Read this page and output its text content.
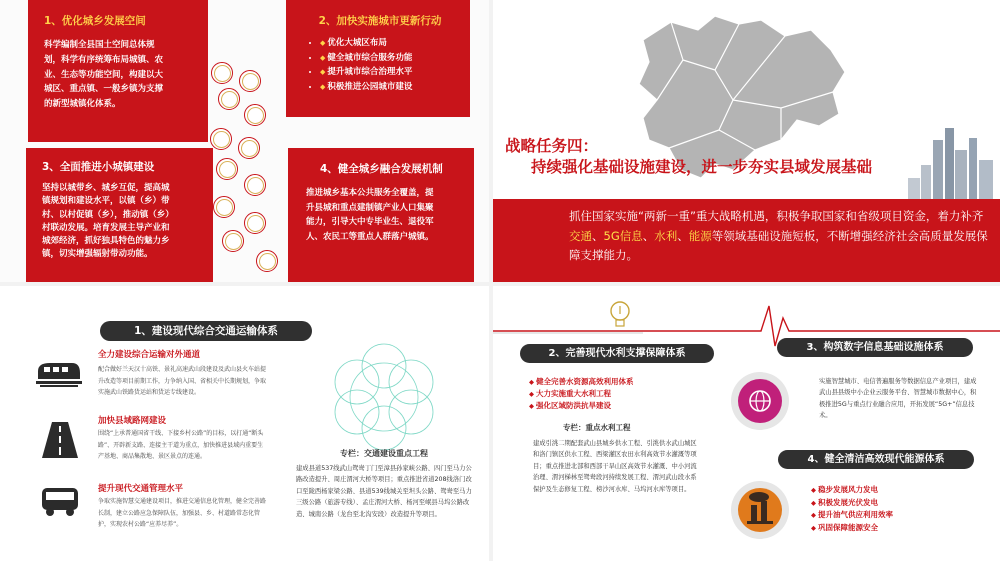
1、优化城乡发展空间
科学编制全县国土空间总体规划，科学有序统筹布局城镇、农业、生态等功能空间，构建以大城区、重点镇、一般乡镇为支撑的新型城镇化体系。
2、加快实施城市更新行动
◆ • 优化大城区布局
◆ • 健全城市综合服务功能
◆ • 提升城市综合治理水平
◆ • 积极推进公园城市建设
3、全面推进小城镇建设
坚持以城带乡、城乡互促，提高城镇规划和建设水平，以镇（乡）带村、以村促镇（乡），推动镇（乡）村联动发展。培育发展主导产业和城郊经济，抓好独具特色的魅力乡镇，切实增强辐射带动功能。
4、健全城乡融合发展机制
推进城乡基本公共服务全覆盖，提升县城和重点建制镇产业人口集聚能力，引导大中专毕业生、退役军人、农民工等重点人群落户城镇。
战略任务四：
持续强化基础设施建设，进一步夯实县域发展基础
抓住国家实施“两新一重”重大战略机遇，积极争取国家和省级项目资金，着力补齐交通、5G信息、水利、能源等领域基础设施短板，不断增强经济社会高质量发展保障支撑能力。
1、建设现代综合交通运输体系
全力建设综合运输对外通道
配合做好兰天汉十高铁、景礼高速武山段建设及武山县火车站提升改造等项目前期工作，力争纳入国、省相关中长期规划，争取实施武山铁路货运站和货运专线建设。
加快县域路网建设
围绕“上承普通国省干线、下接乡村公路”的目标，以打通“断头路”、开辟新支路、连接主干道为重点，加快推进县域内重要生产基地、商品集散地、景区景点的连通。
提升现代交通管理水平
争取实施智慧交通建设项目，推进交通信息化管理，健全完善路长制，建立公路应急保障队伍，加强县、乡、村道路常态化管护，实现农村公路“应养尽养”。
专栏：交通建设重点工程
建成县道537线武山鸳鸯丁门至漳县孙家峡公路、四门至马力公路改造提升、周庄渭河大桥等项目；重点推进省道208线洛门改口至陇西杨家梁公路、县道539线城关至坦头公路、鸳鸯至马力三级公路（旅游专线）、孟庄渭河大桥、杨河至岷县马坞公路改造、城南公路（龙台至北沟安段）改造提升等项目。
2、完善现代水利支撑保障体系
◆ 健全完善水资源高效利用体系
◆ 大力实施重大水利工程
◆ 强化区域防洪抗旱建设
专栏：重点水利工程
建成引洮二期配套武山县城乡供水工程、引洮供水武山城区和洛门镇区供水工程、西梁灌区农田水利高效节水灌溉等项目；重点推进北部和西部干旱山区高效节水灌溉、中小河流治理、渭河梯林至鸳鸯段河持续发展工程、渭河武山段水系保护及生态修复工程、榜沙河水库、马坞河水库等项目。
3、构筑数字信息基础设施体系
实施智慧城市、电信普遍服务等数据信息产业项目，建成武山县县级中小企业云服务平台、智慧城市数据中心，积极推进5G与重点行业融合应用，开拓发展“5G+”信息技术。
4、健全清洁高效现代能源体系
◆ 稳步发展风力发电
◆ 积极发展光伏发电
◆ 提升油气供应利用效率
◆ 巩固保障能源安全
